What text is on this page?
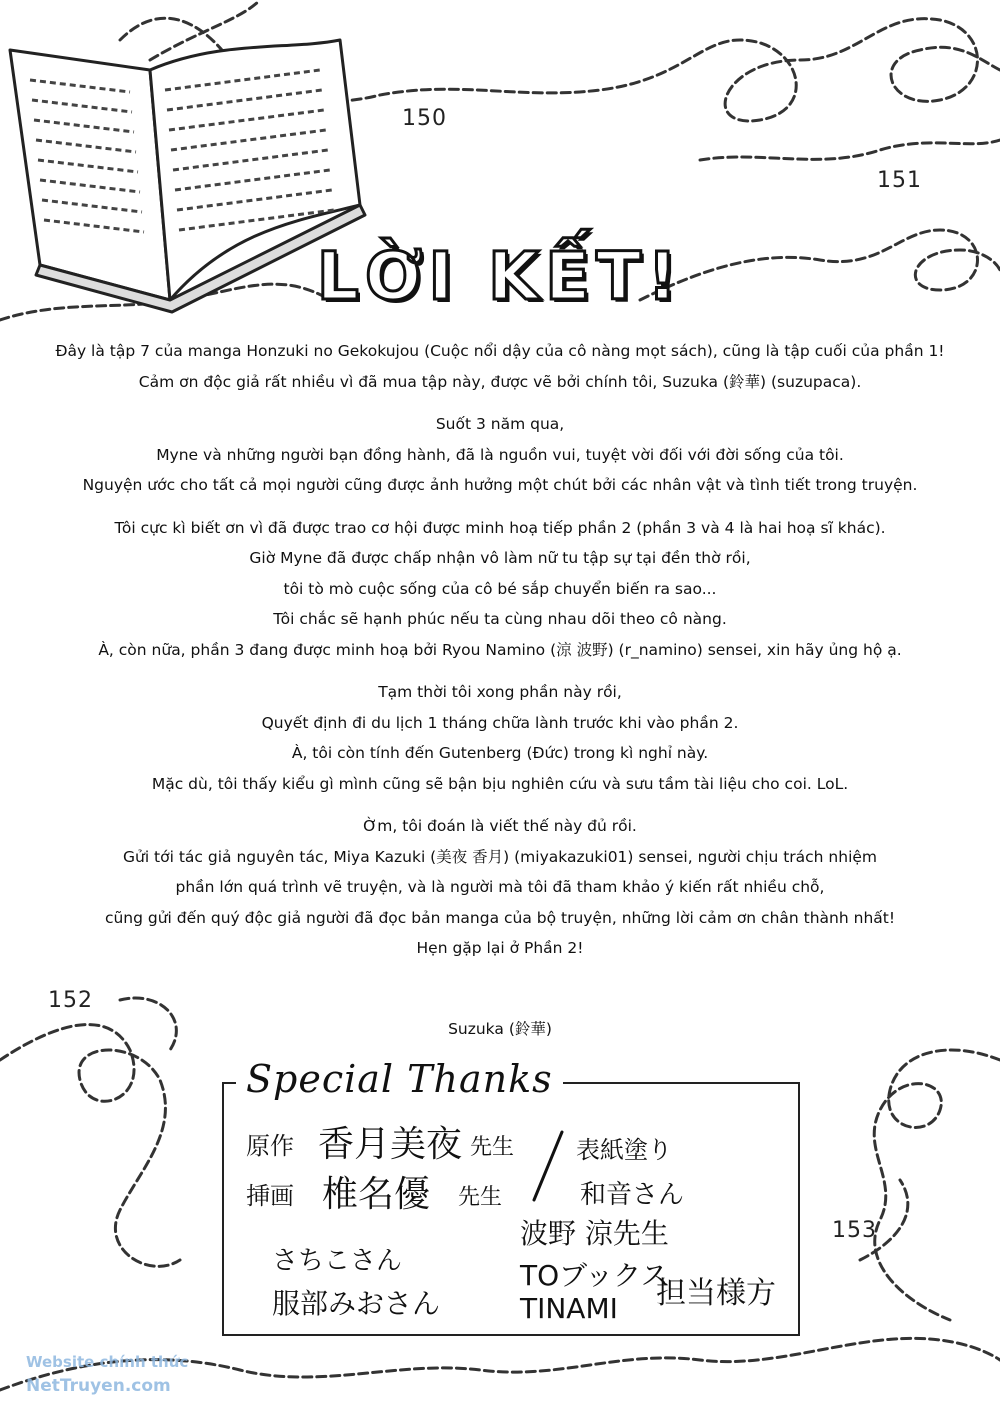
150
151
152
153
LỜI KẾT!
Đây là tập 7 của manga Honzuki no Gekokujou (Cuộc nổi dậy của cô nàng mọt sách), cũng là tập cuối của phần 1!
Cảm ơn độc giả rất nhiều vì đã mua tập này, được vẽ bởi chính tôi, Suzuka (鈴華) (suzupaca).
Suốt 3 năm qua,
Myne và những người bạn đồng hành, đã là nguồn vui, tuyệt vời đối với đời sống của tôi.
Nguyện ước cho tất cả mọi người cũng được ảnh hưởng một chút bởi các nhân vật và tình tiết trong truyện.
Tôi cực kì biết ơn vì đã được trao cơ hội được minh hoạ tiếp phần 2 (phần 3 và 4 là hai hoạ sĩ khác).
Giờ Myne đã được chấp nhận vô làm nữ tu tập sự tại đền thờ rồi,
tôi tò mò cuộc sống của cô bé sắp chuyển biến ra sao...
Tôi chắc sẽ hạnh phúc nếu ta cùng nhau dõi theo cô nàng.
À, còn nữa, phần 3 đang được minh hoạ bởi Ryou Namino (涼 波野) (r_namino) sensei, xin hãy ủng hộ ạ.
Tạm thời tôi xong phần này rồi,
Quyết định đi du lịch 1 tháng chữa lành trước khi vào phần 2.
À, tôi còn tính đến Gutenberg (Đức) trong kì nghỉ này.
Mặc dù, tôi thấy kiểu gì mình cũng sẽ bận bịu nghiên cứu và sưu tầm tài liệu cho coi. LoL.
Ờm, tôi đoán là viết thế này đủ rồi.
Gửi tới tác giả nguyên tác, Miya Kazuki (美夜 香月) (miyakazuki01) sensei, người chịu trách nhiệm
phần lớn quá trình vẽ truyện, và là người mà tôi đã tham khảo ý kiến rất nhiều chỗ,
cũng gửi đến quý độc giả người đã đọc bản manga của bộ truyện, những lời cảm ơn chân thành nhất!
Hẹn gặp lại ở Phần 2!
Suzuka (鈴華)
Special Thanks
原作 香月美夜 先生
挿画 椎名優 先生
表紙塗り
和音さん
波野 涼先生
さちこさん
服部みおさん
TOブックス
TINAMI 担当様方
Website chính thức
NetTruyen.com
